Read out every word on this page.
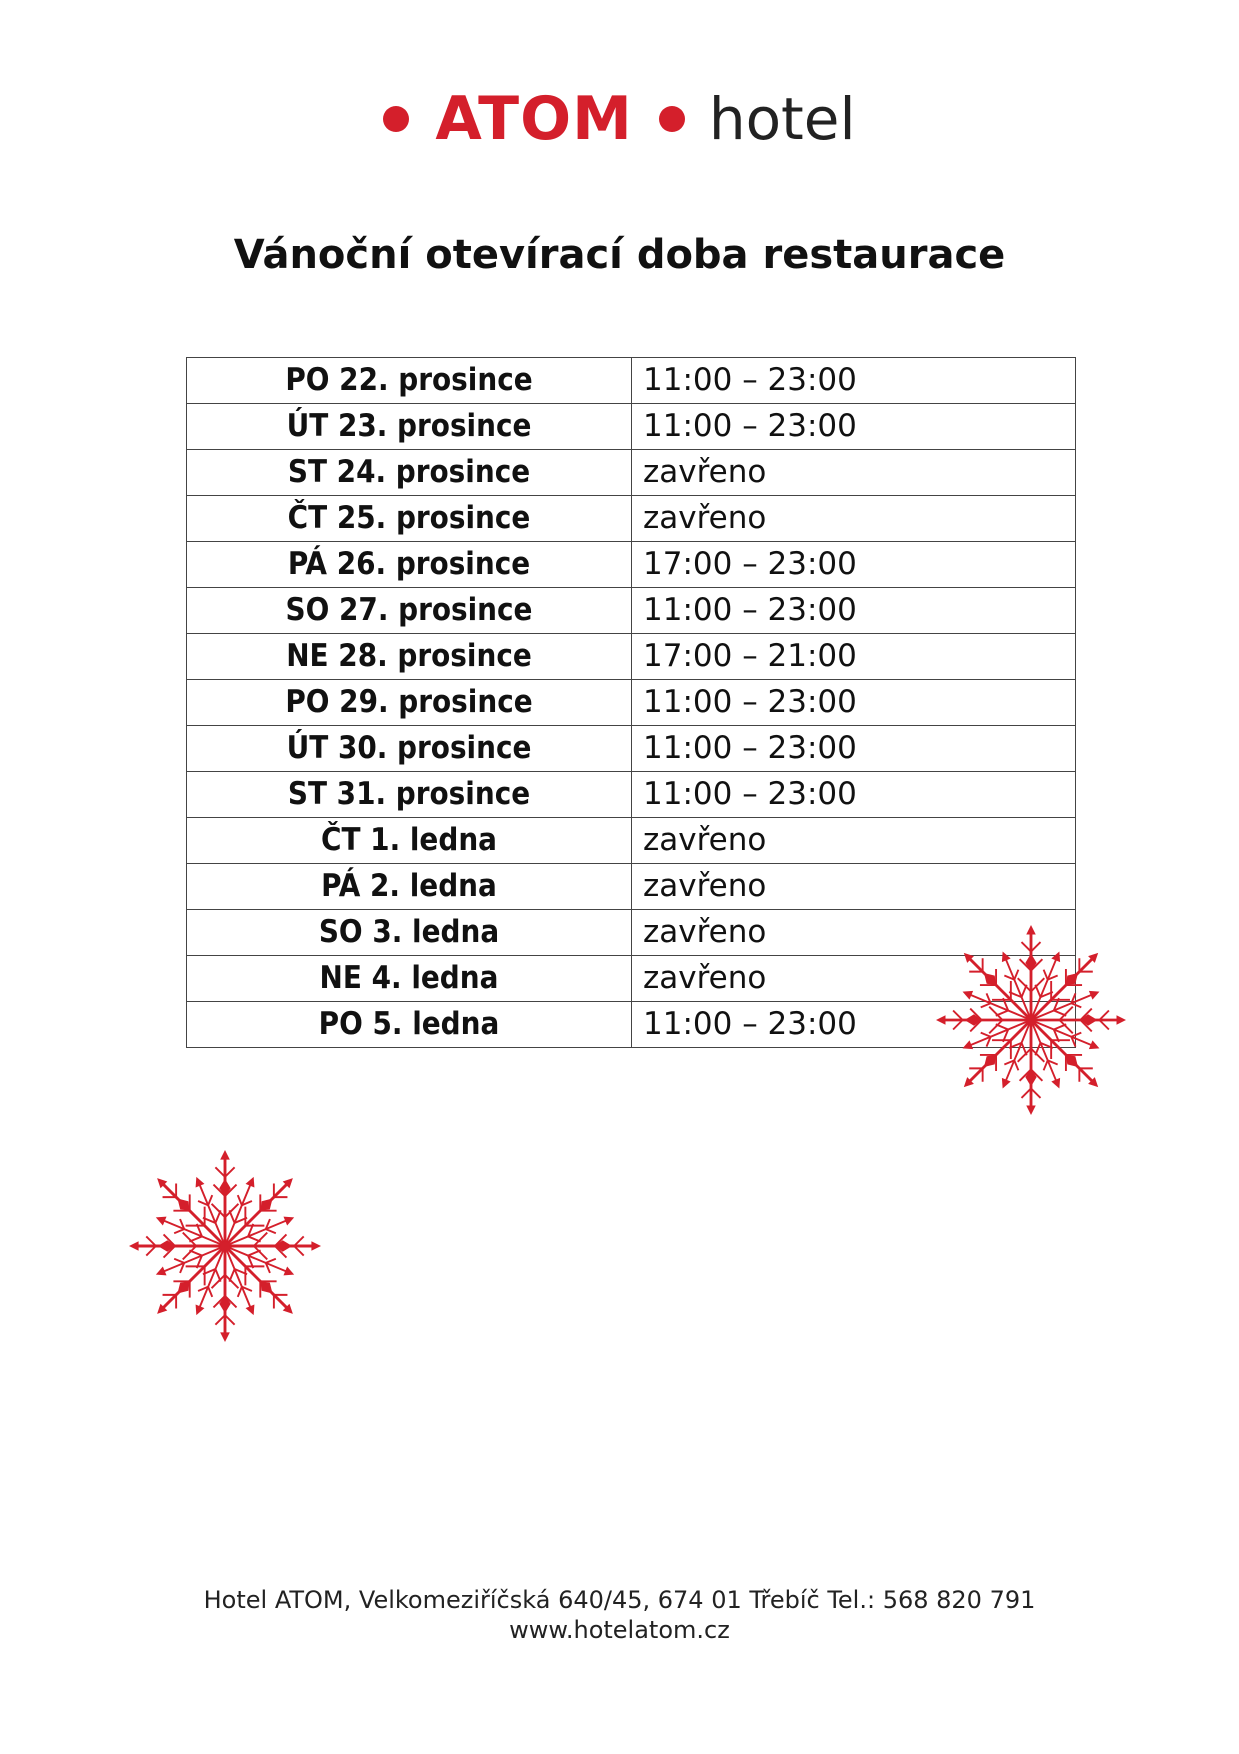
ATOM hotel
Vánoční otevírací doba restaurace
PO 22. prosince	11:00 – 23:00
ÚT 23. prosince	11:00 – 23:00
ST 24. prosince	zavřeno
ČT 25. prosince	zavřeno
PÁ 26. prosince	17:00 – 23:00
SO 27. prosince	11:00 – 23:00
NE 28. prosince	17:00 – 21:00
PO 29. prosince	11:00 – 23:00
ÚT 30. prosince	11:00 – 23:00
ST 31. prosince	11:00 – 23:00
ČT 1. ledna	zavřeno
PÁ 2. ledna	zavřeno
SO 3. ledna	zavřeno
NE 4. ledna	zavřeno
PO 5. ledna	11:00 – 23:00
Hotel ATOM, Velkomeziříčská 640/45, 674 01 Třebíč Tel.: 568 820 791
www.hotelatom.cz
